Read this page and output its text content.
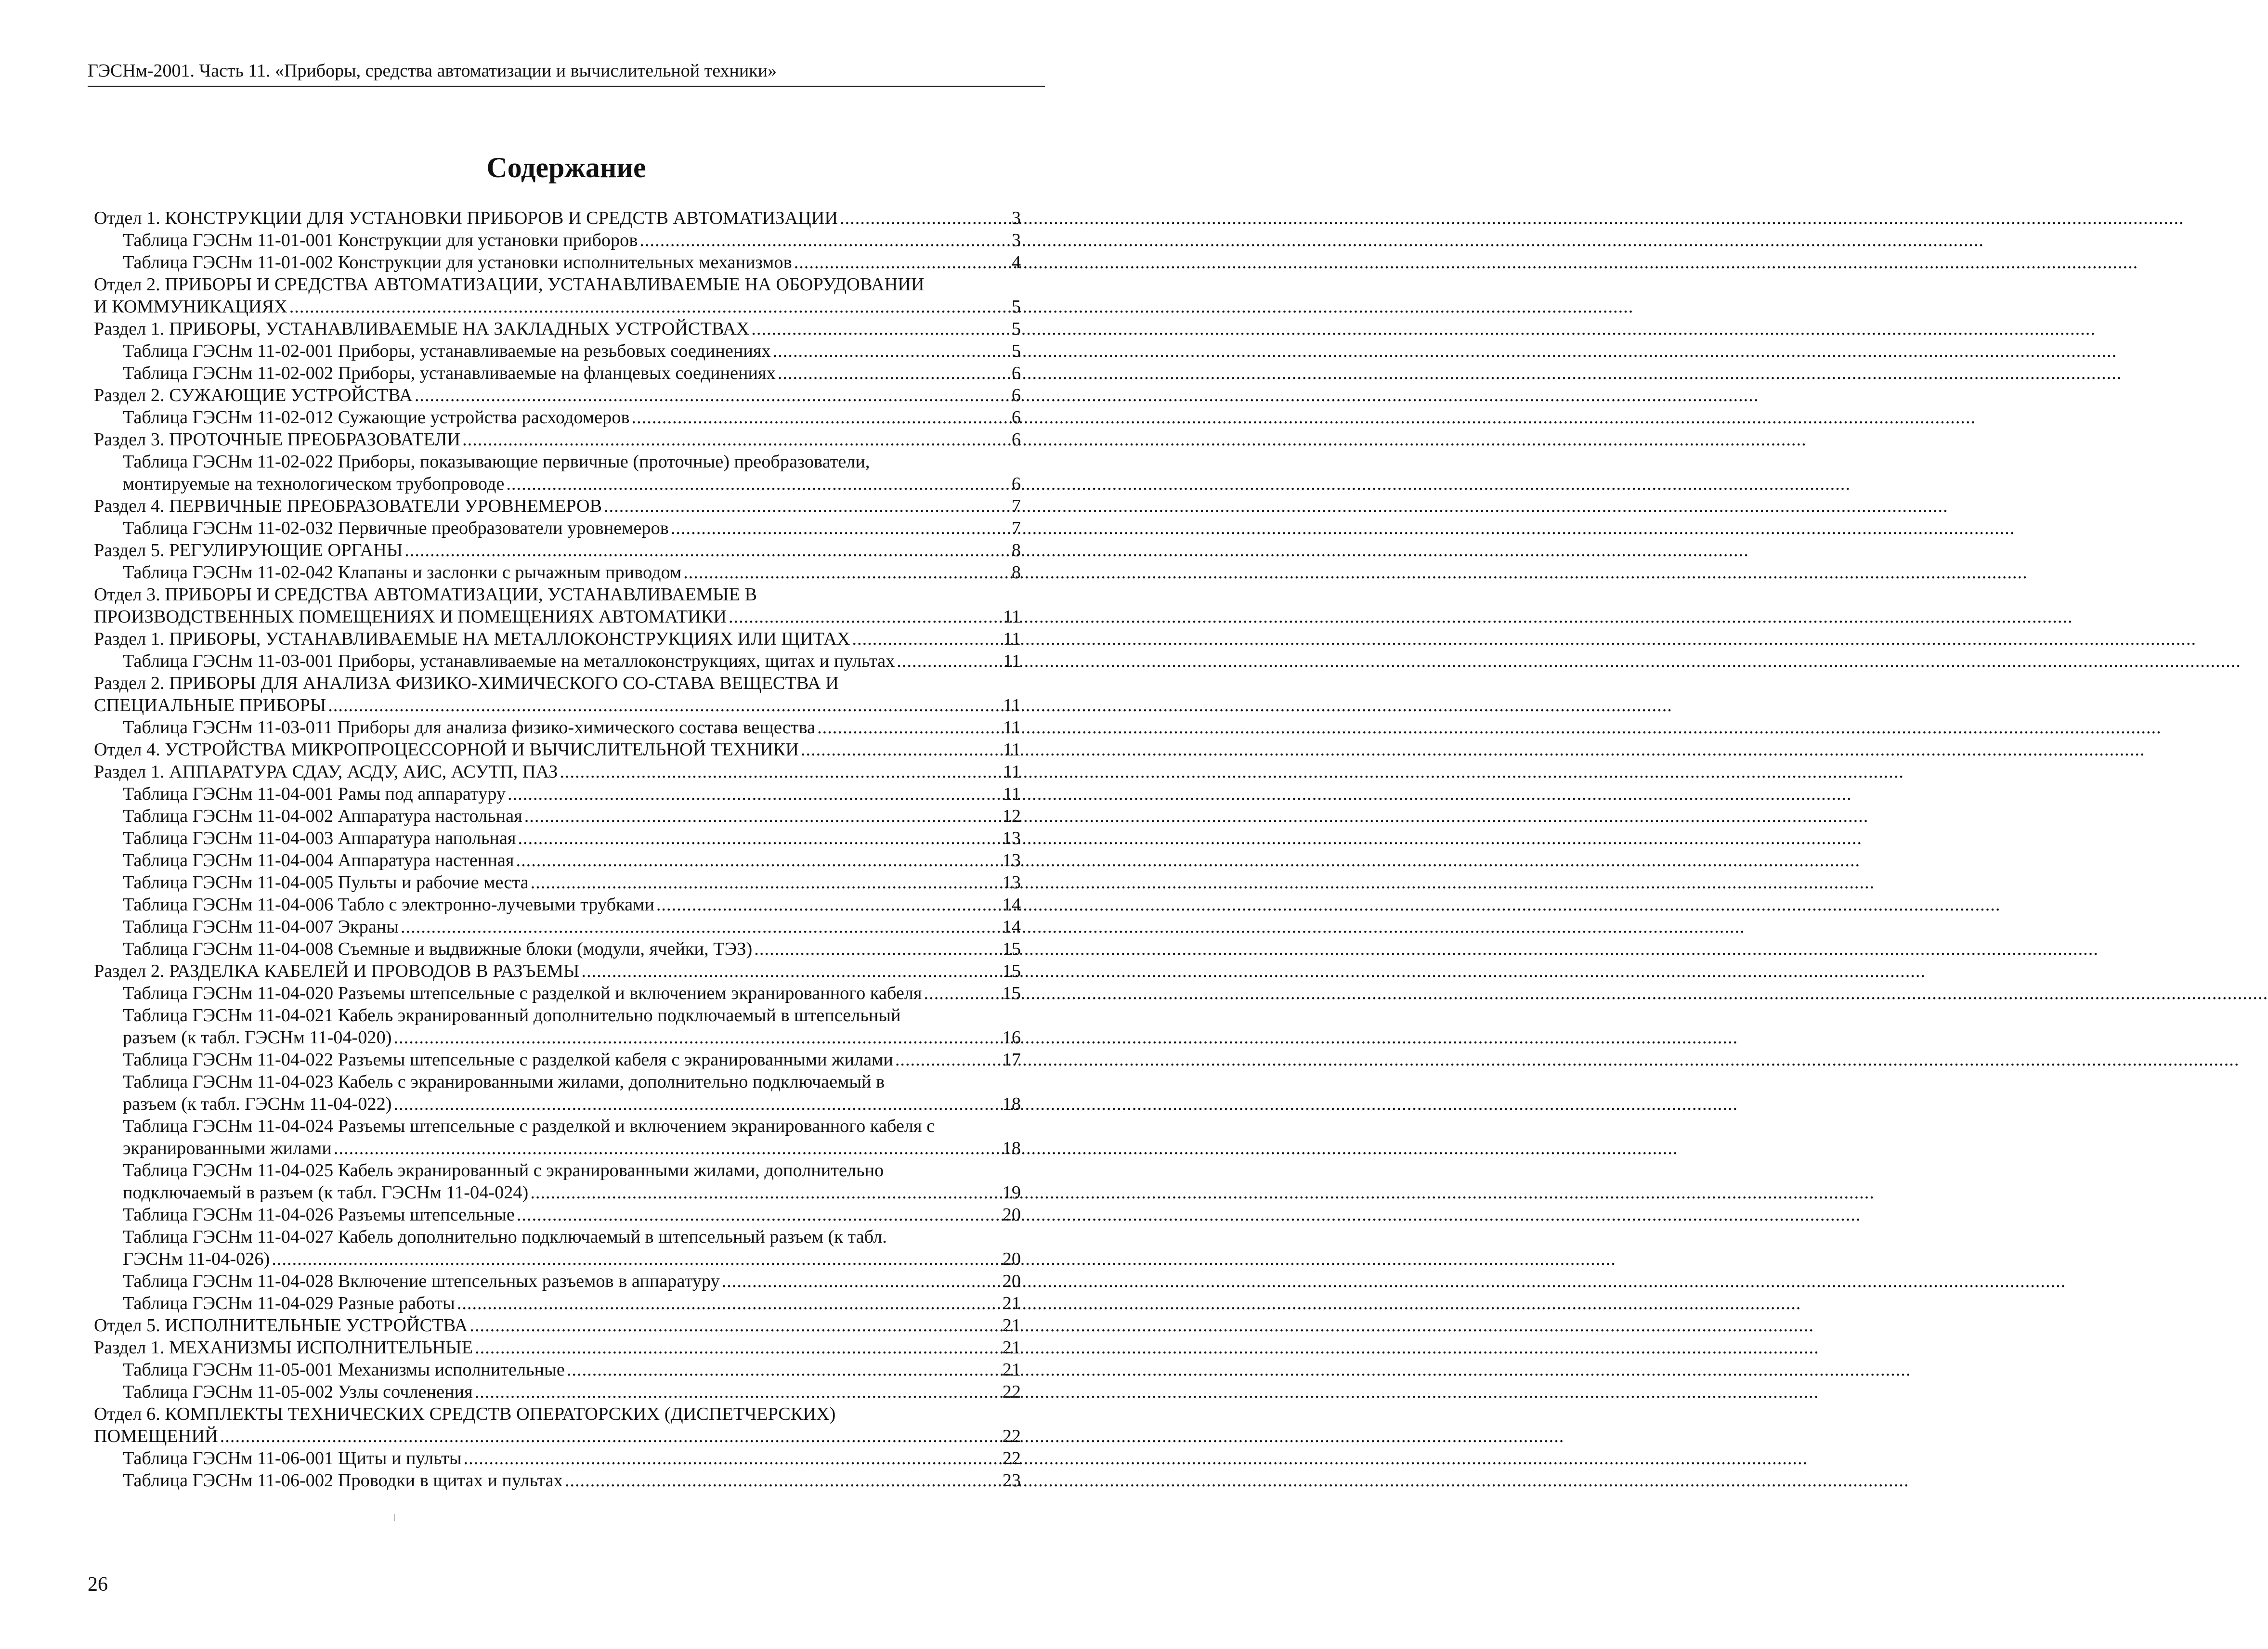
ГЭСНм-2001. Часть 11. «Приборы, средства автоматизации и вычислительной техники»
Содержание
Отдел 1. КОНСТРУКЦИИ ДЛЯ УСТАНОВКИ ПРИБОРОВ И СРЕДСТВ АВТОМАТИЗАЦИИ .....	3
Таблица ГЭСНм 11-01-001 Конструкции для установки приборов .....	3
Таблица ГЭСНм 11-01-002 Конструкции для установки исполнительных механизмов .....	4
Отдел 2. ПРИБОРЫ И СРЕДСТВА АВТОМАТИЗАЦИИ, УСТАНАВЛИВАЕМЫЕ НА ОБОРУДОВАНИИ
И КОММУНИКАЦИЯХ .....	5
Раздел 1. ПРИБОРЫ, УСТАНАВЛИВАЕМЫЕ НА ЗАКЛАДНЫХ УСТРОЙСТВАХ .....	5
Таблица ГЭСНм 11-02-001 Приборы, устанавливаемые на резьбовых соединениях .....	5
Таблица ГЭСНм 11-02-002 Приборы, устанавливаемые на фланцевых соединениях .....	6
Раздел 2. СУЖАЮЩИЕ УСТРОЙСТВА .....	6
Таблица ГЭСНм 11-02-012 Сужающие устройства расходомеров .....	6
Раздел 3. ПРОТОЧНЫЕ ПРЕОБРАЗОВАТЕЛИ .....	6
Таблица ГЭСНм 11-02-022 Приборы, показывающие первичные (проточные) преобразователи,
монтируемые на технологическом трубопроводе .....	6
Раздел 4. ПЕРВИЧНЫЕ ПРЕОБРАЗОВАТЕЛИ УРОВНЕМЕРОВ .....	7
Таблица ГЭСНм 11-02-032 Первичные преобразователи уровнемеров .....	7
Раздел 5. РЕГУЛИРУЮЩИЕ ОРГАНЫ .....	8
Таблица ГЭСНм 11-02-042 Клапаны и заслонки с рычажным приводом .....	8
Отдел 3. ПРИБОРЫ И СРЕДСТВА АВТОМАТИЗАЦИИ, УСТАНАВЛИВАЕМЫЕ В
ПРОИЗВОДСТВЕННЫХ ПОМЕЩЕНИЯХ И ПОМЕЩЕНИЯХ АВТОМАТИКИ .....	11
Раздел 1. ПРИБОРЫ, УСТАНАВЛИВАЕМЫЕ НА МЕТАЛЛОКОНСТРУКЦИЯХ ИЛИ ЩИТАХ .....	11
Таблица ГЭСНм 11-03-001 Приборы, устанавливаемые на металлоконструкциях, щитах и пультах .....	11
Раздел 2. ПРИБОРЫ ДЛЯ АНАЛИЗА ФИЗИКО-ХИМИЧЕСКОГО СО-СТАВА ВЕЩЕСТВА И
СПЕЦИАЛЬНЫЕ ПРИБОРЫ .....	11
Таблица ГЭСНм 11-03-011 Приборы для анализа физико-химического состава вещества .....	11
Отдел 4. УСТРОЙСТВА МИКРОПРОЦЕССОРНОЙ И ВЫЧИСЛИТЕЛЬНОЙ ТЕХНИКИ .....	11
Раздел 1. АППАРАТУРА СДАУ, АСДУ, АИС, АСУТП, ПАЗ .....	11
Таблица ГЭСНм 11-04-001 Рамы под аппаратуру .....	11
Таблица ГЭСНм 11-04-002 Аппаратура настольная .....	12
Таблица ГЭСНм 11-04-003 Аппаратура напольная .....	13
Таблица ГЭСНм 11-04-004 Аппаратура настенная .....	13
Таблица ГЭСНм 11-04-005 Пульты и рабочие места .....	13
Таблица ГЭСНм 11-04-006 Табло с электронно-лучевыми трубками .....	14
Таблица ГЭСНм 11-04-007 Экраны .....	14
Таблица ГЭСНм 11-04-008 Съемные и выдвижные блоки (модули, ячейки, ТЭЗ) .....	15
Раздел 2. РАЗДЕЛКА КАБЕЛЕЙ И ПРОВОДОВ В РАЗЪЕМЫ .....	15
Таблица ГЭСНм 11-04-020 Разъемы штепсельные с разделкой и включением экранированного кабеля .....	15
Таблица ГЭСНм 11-04-021 Кабель экранированный дополнительно подключаемый в штепсельный
разъем (к табл. ГЭСНм 11-04-020) .....	16
Таблица ГЭСНм 11-04-022 Разъемы штепсельные с разделкой кабеля с экранированными жилами .....	17
Таблица ГЭСНм 11-04-023 Кабель с экранированными жилами, дополнительно подключаемый в
разъем (к табл. ГЭСНм 11-04-022) .....	18
Таблица ГЭСНм 11-04-024 Разъемы штепсельные с разделкой и включением экранированного кабеля с
экранированными жилами .....	18
Таблица ГЭСНм 11-04-025 Кабель экранированный с экранированными жилами, дополнительно
подключаемый в разъем (к табл. ГЭСНм 11-04-024) .....	19
Таблица ГЭСНм 11-04-026 Разъемы штепсельные .....	20
Таблица ГЭСНм 11-04-027 Кабель дополнительно подключаемый в штепсельный разъем (к табл.
ГЭСНм 11-04-026) .....	20
Таблица ГЭСНм 11-04-028 Включение штепсельных разъемов в аппаратуру .....	20
Таблица ГЭСНм 11-04-029 Разные работы .....	21
Отдел 5. ИСПОЛНИТЕЛЬНЫЕ УСТРОЙСТВА .....	21
Раздел 1. МЕХАНИЗМЫ ИСПОЛНИТЕЛЬНЫЕ .....	21
Таблица ГЭСНм 11-05-001 Механизмы исполнительные .....	21
Таблица ГЭСНм 11-05-002 Узлы сочленения .....	22
Отдел 6. КОМПЛЕКТЫ ТЕХНИЧЕСКИХ СРЕДСТВ ОПЕРАТОРСКИХ (ДИСПЕТЧЕРСКИХ)
ПОМЕЩЕНИЙ .....	22
Таблица ГЭСНм 11-06-001 Щиты и пульты .....	22
Таблица ГЭСНм 11-06-002 Проводки в щитах и пультах .....	23
26
